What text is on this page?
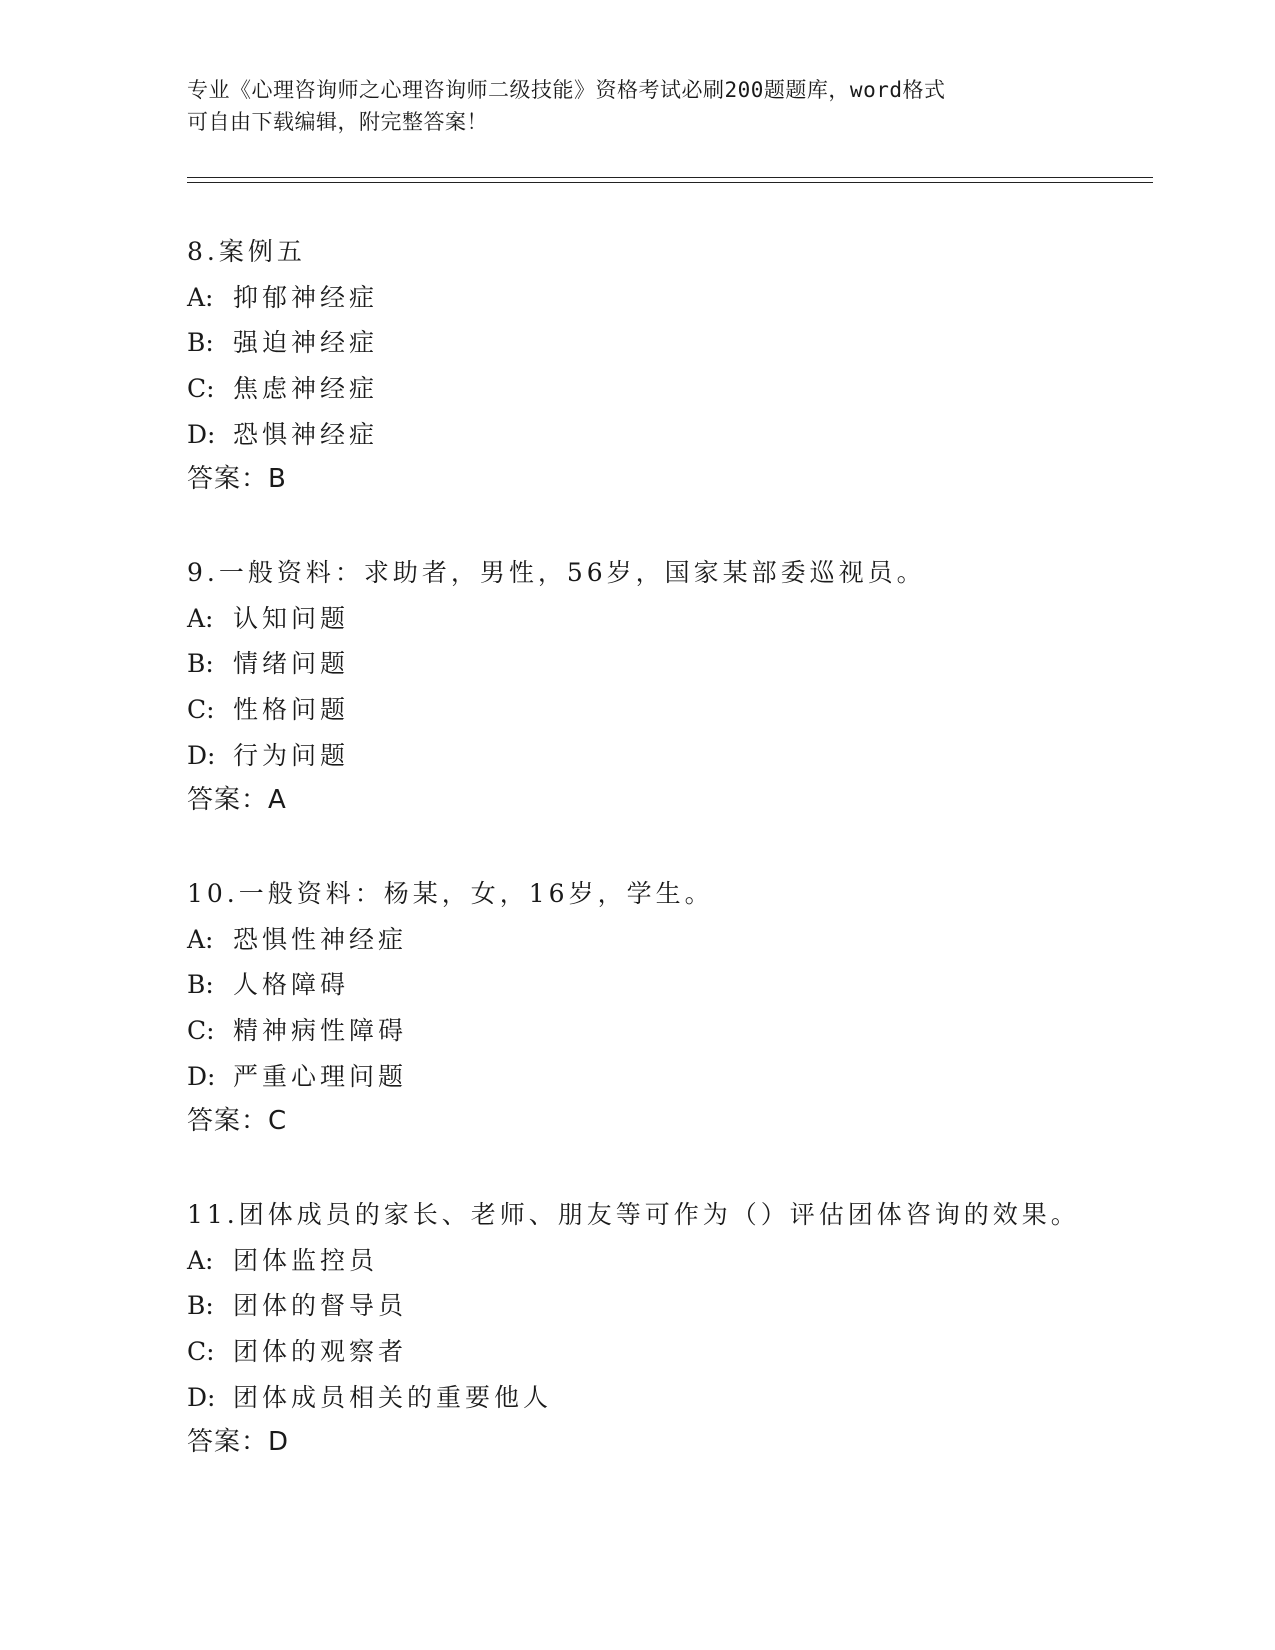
专业《心理咨询师之心理咨询师二级技能》资格考试必刷200题题库，word格式
可自由下载编辑，附完整答案！
8.案例五
A: 抑郁神经症
B: 强迫神经症
C: 焦虑神经症
D: 恐惧神经症
答案：B
9.一般资料：求助者，男性，56岁，国家某部委巡视员。
A: 认知问题
B: 情绪问题
C: 性格问题
D: 行为问题
答案：A
10.一般资料：杨某，女，16岁，学生。
A: 恐惧性神经症
B: 人格障碍
C: 精神病性障碍
D: 严重心理问题
答案：C
11.团体成员的家长、老师、朋友等可作为（）评估团体咨询的效果。
A: 团体监控员
B: 团体的督导员
C: 团体的观察者
D: 团体成员相关的重要他人
答案：D
